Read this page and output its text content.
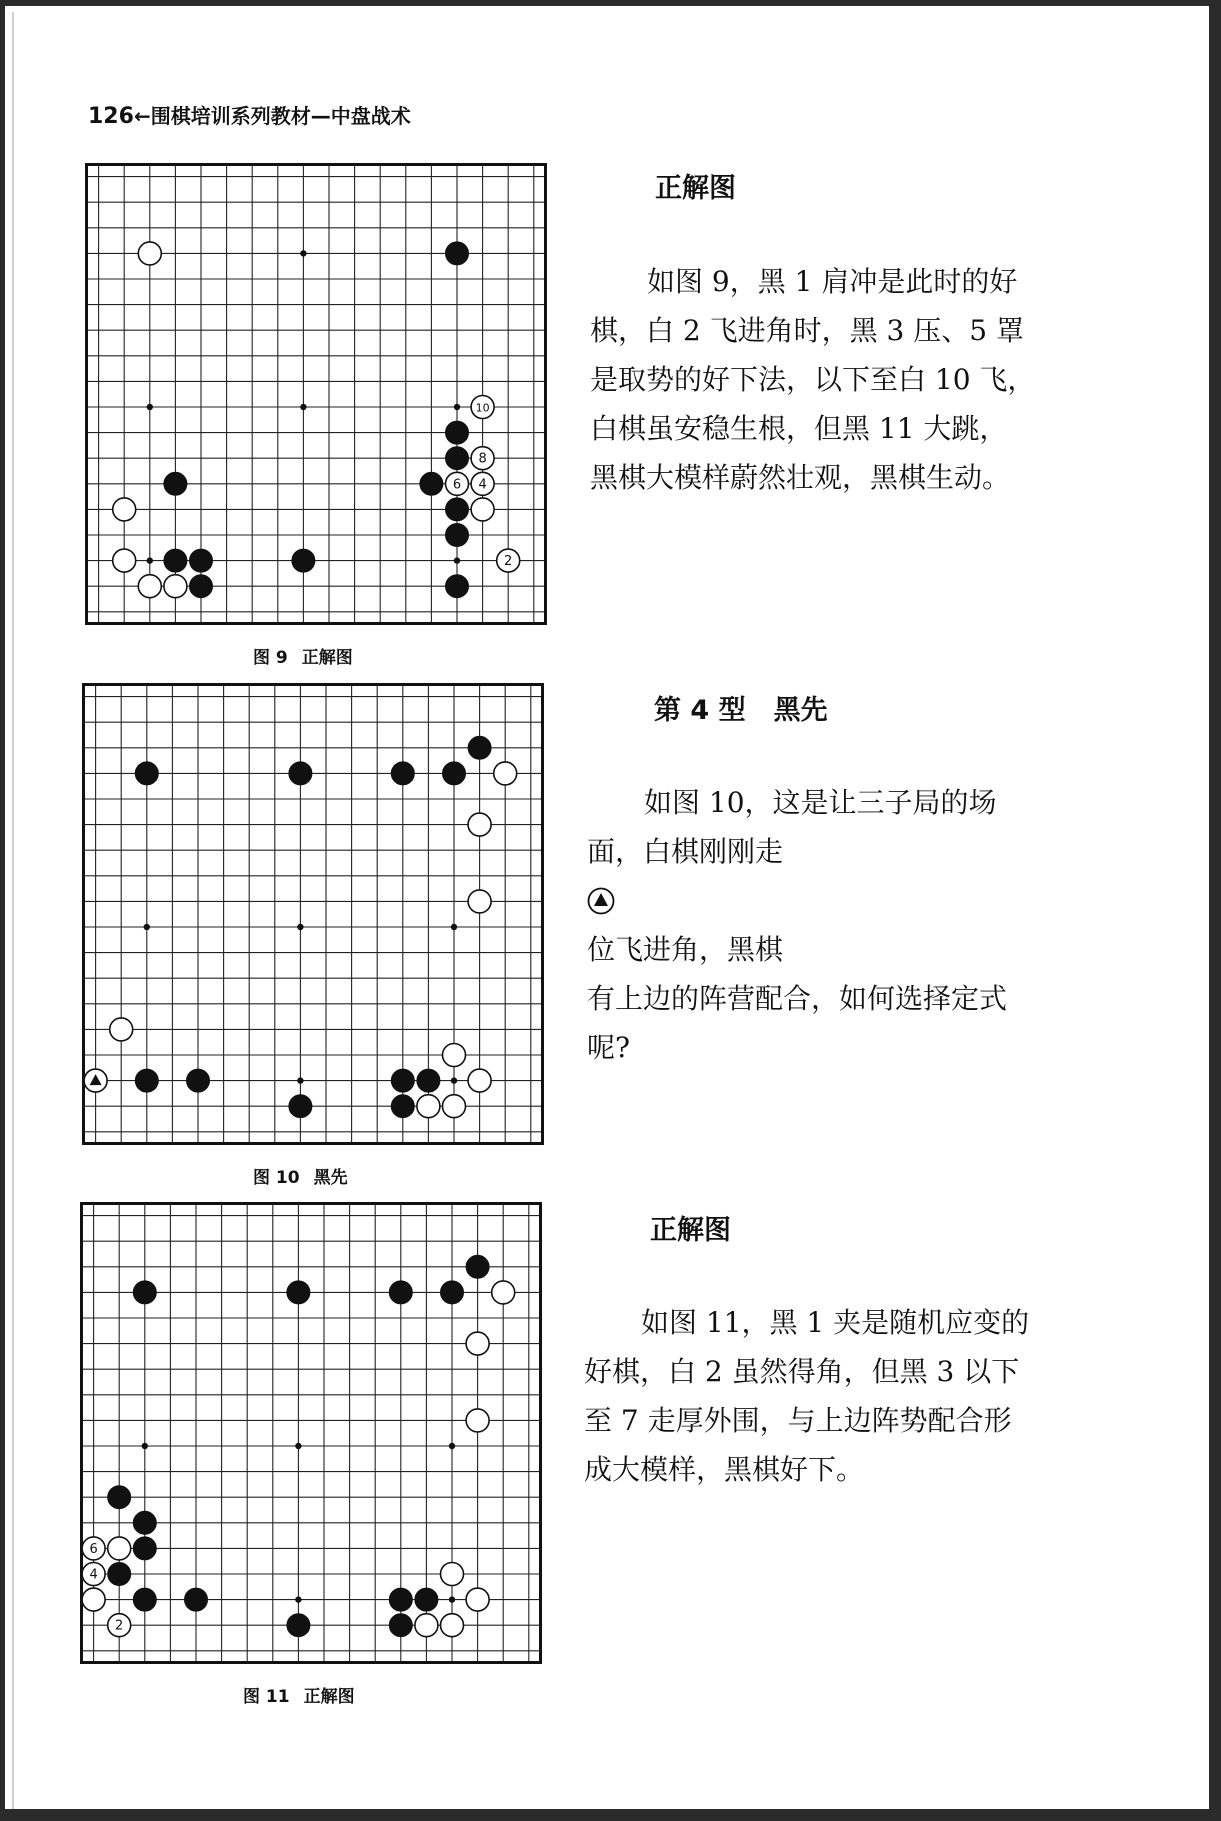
126←围棋培训系列教材—中盘战术
10
8
6 4
2
图 9 正解图
图 10 黑先
6
4
2
图 11 正解图
正解图
如图 9，黑 1 肩冲是此时的好
棋，白 2 飞进角时，黑 3 压、5 罩
是取势的好下法，以下至白 10 飞，
白棋虽安稳生根，但黑 11 大跳，
黑棋大模样蔚然壮观，黑棋生动。
第 4 型 黑先
如图 10，这是让三子局的场
面，白棋刚刚走
位飞进角，黑棋
有上边的阵营配合，如何选择定式
呢?
正解图
如图 11，黑 1 夹是随机应变的
好棋，白 2 虽然得角，但黑 3 以下
至 7 走厚外围，与上边阵势配合形
成大模样，黑棋好下。
